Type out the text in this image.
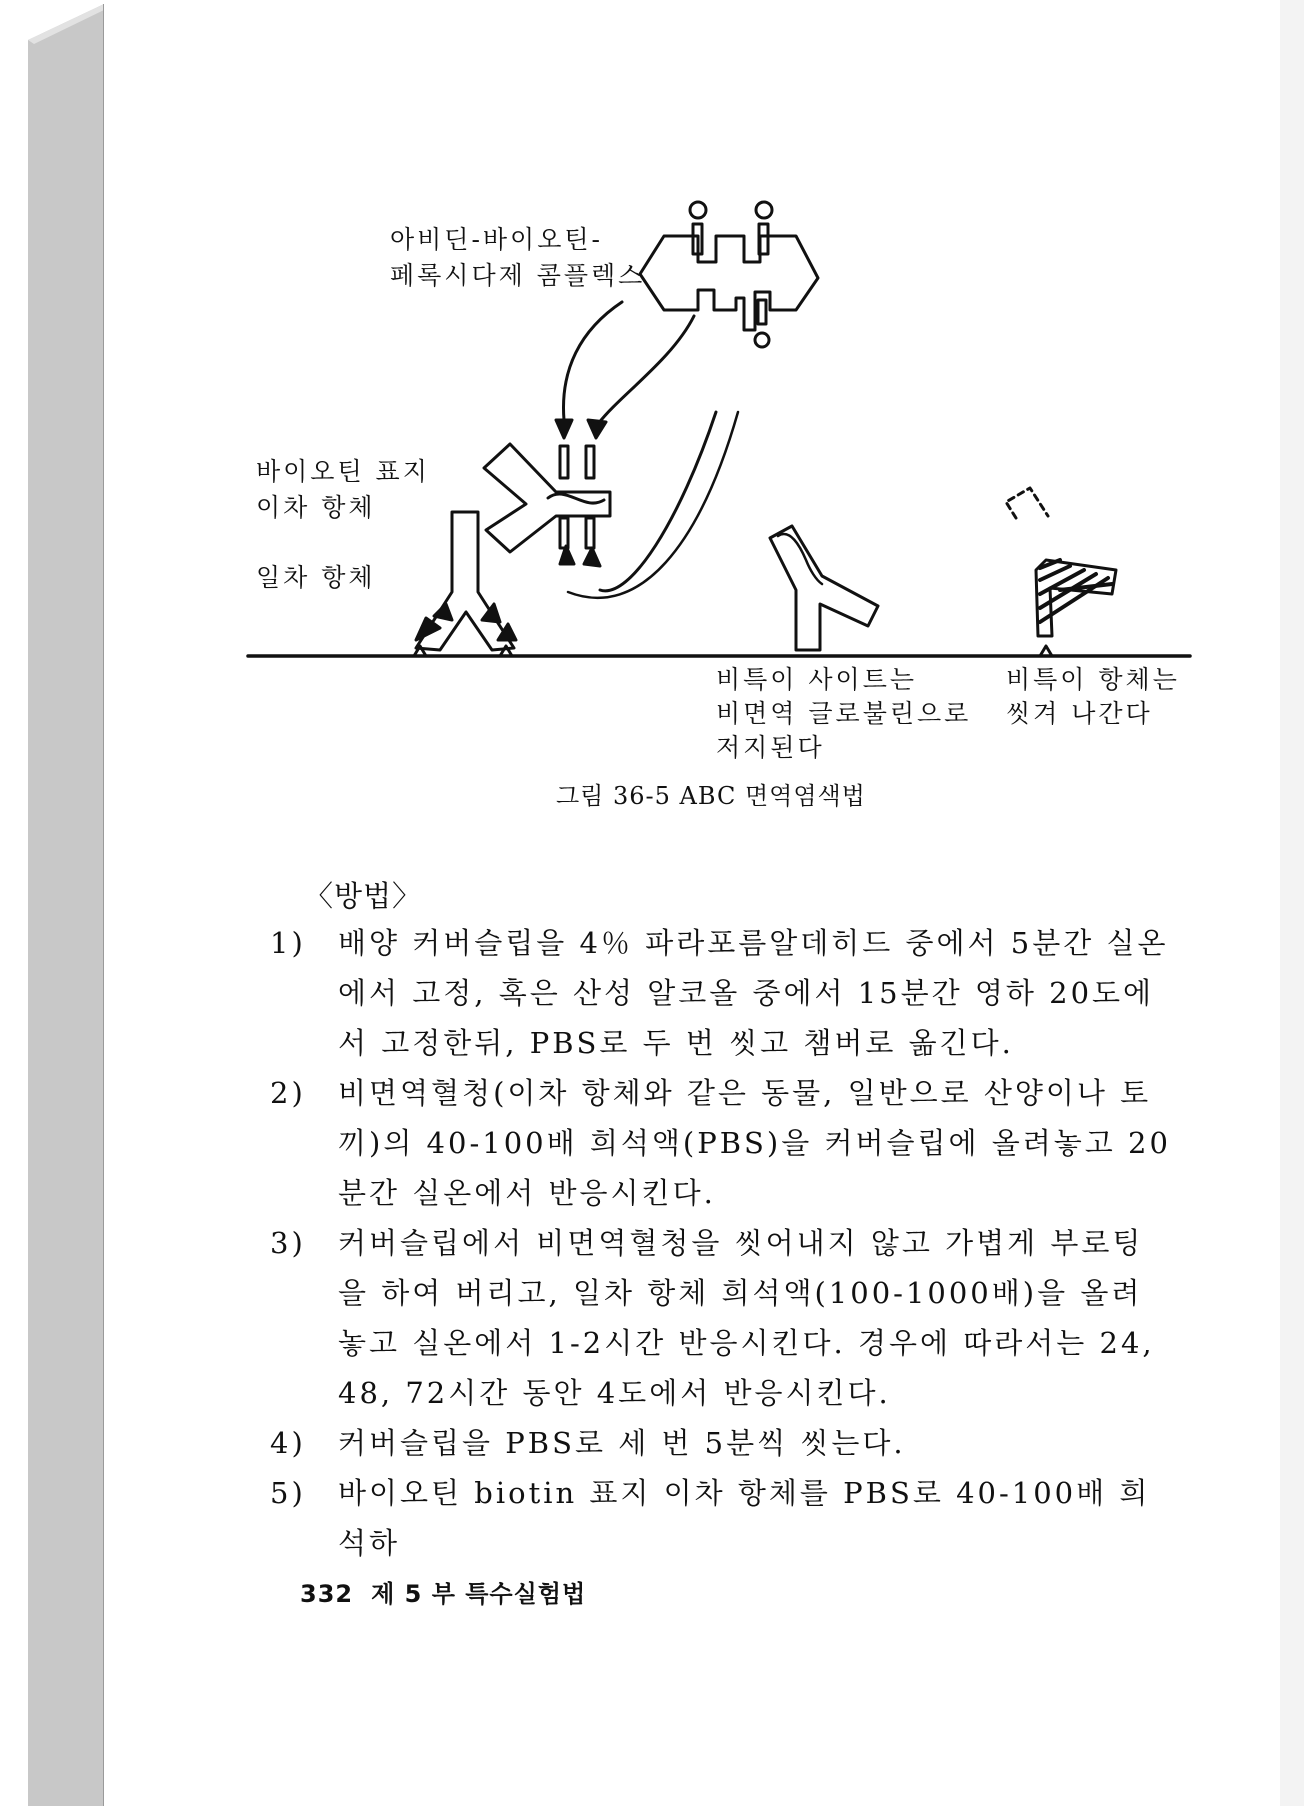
아비딘-바이오틴-
페록시다제 콤플렉스
바이오틴 표지
이차 항체
일차 항체
비특이 사이트는
비면역 글로불린으로
저지된다
비특이 항체는
씻겨 나간다
그림 36-5 ABC 면역염색법
〈방법〉
1) 배양 커버슬립을 4％ 파라포름알데히드 중에서 5분간 실온에서 고정, 혹은 산성 알코올 중에서 15분간 영하 20도에서 고정한뒤, PBS로 두 번 씻고 챔버로 옮긴다.
2) 비면역혈청(이차 항체와 같은 동물, 일반으로 산양이나 토끼)의 40-100배 희석액(PBS)을 커버슬립에 올려놓고 20분간 실온에서 반응시킨다.
3) 커버슬립에서 비면역혈청을 씻어내지 않고 가볍게 부로팅을 하여 버리고, 일차 항체 희석액(100-1000배)을 올려놓고 실온에서 1-2시간 반응시킨다. 경우에 따라서는 24, 48, 72시간 동안 4도에서 반응시킨다.
4) 커버슬립을 PBS로 세 번 5분씩 씻는다.
5) 바이오틴 biotin 표지 이차 항체를 PBS로 40-100배 희석하
332 제 5 부 특수실험법
